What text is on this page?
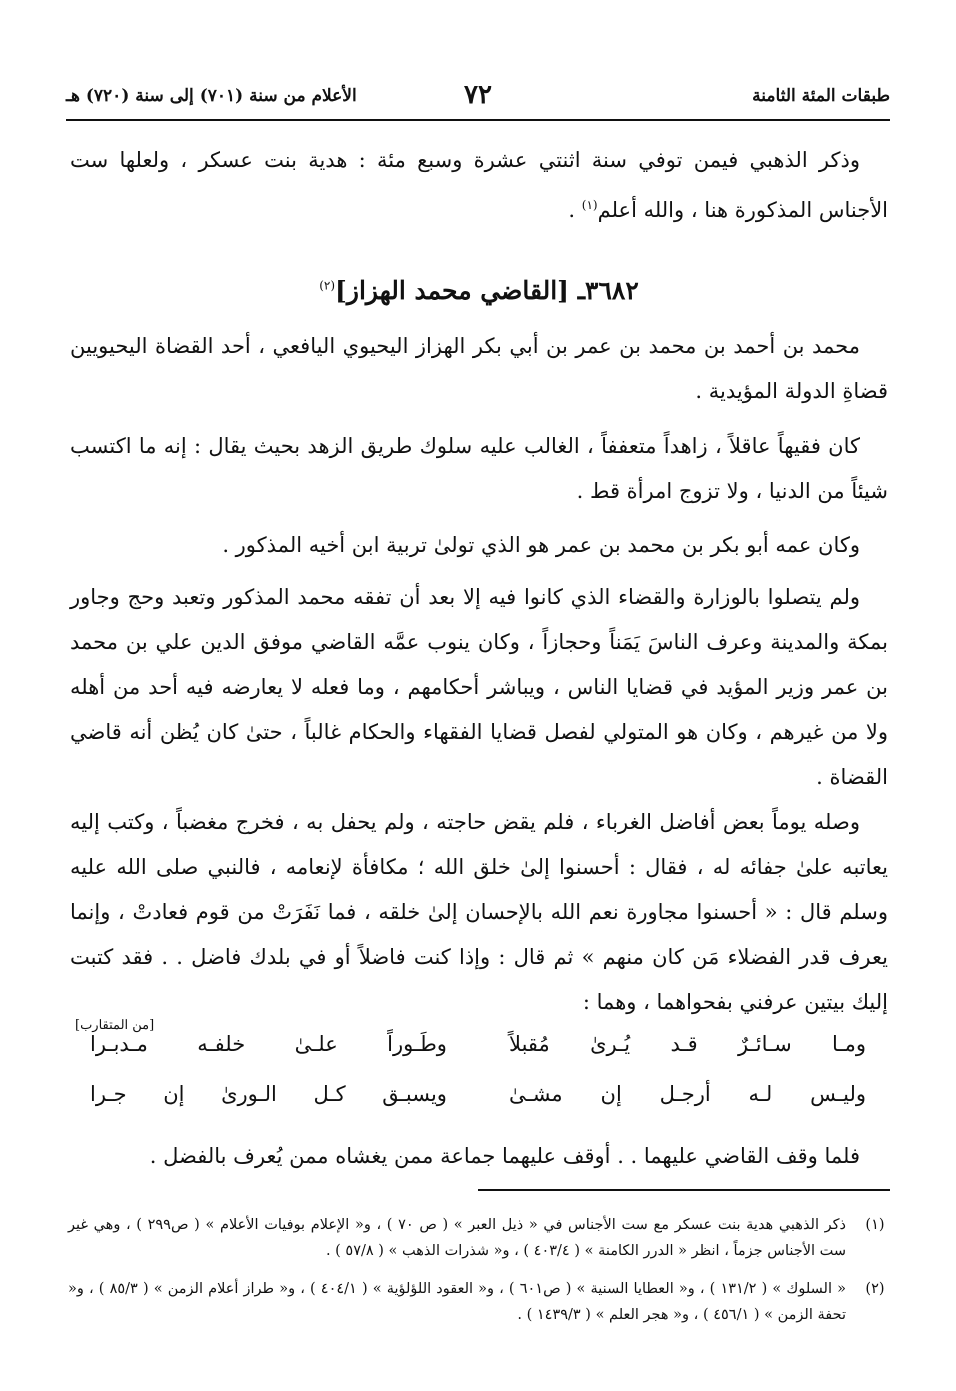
طبقات المئة الثامنة
٧٢
الأعلام من سنة (٧٠١) إلى سنة (٧٢٠) هـ

وذكر الذهبي فيمن توفي سنة اثنتي عشرة وسبع مئة : هدية بنت عسكر ، ولعلها ست الأجناس المذكورة هنا ، والله أعلم$^{(١)}$ .

٣٦٨٢ـ [القاضي محمد الهزاز]$^{(٢)}$

محمد بن أحمد بن محمد بن عمر بن أبي بكر الهزاز اليحيوي اليافعي ، أحد القضاة اليحيويين قضاةِ الدولة المؤيدية .

كان فقيهاً عاقلاً ، زاهداً متعففاً ، الغالب عليه سلوك طريق الزهد بحيث يقال : إنه ما اكتسب شيئاً من الدنيا ، ولا تزوج امرأة قط .

وكان عمه أبو بكر بن محمد بن عمر هو الذي تولىٰ تربية ابن أخيه المذكور .

ولم يتصلوا بالوزارة والقضاء الذي كانوا فيه إلا بعد أن تفقه محمد المذكور وتعبد وحج وجاور بمكة والمدينة وعرف الناسَ يَمَناً وحجازاً ، وكان ينوب عمَّه القاضي موفق الدين علي بن محمد بن عمر وزير المؤيد في قضايا الناس ، ويباشر أحكامهم ، وما فعله لا يعارضه فيه أحد من أهله ولا من غيرهم ، وكان هو المتولي لفصل قضايا الفقهاء والحكام غالباً ، حتىٰ كان يُظن أنه قاضي القضاة .

وصله يوماً بعض أفاضل الغرباء ، فلم يقض حاجته ، ولم يحفل به ، فخرج مغضباً ، وكتب إليه يعاتبه علىٰ جفائه له ، فقال : أحسنوا إلىٰ خلق الله ؛ مكافأة لإنعامه ، فالنبي صلى الله عليه وسلم قال : « أحسنوا مجاورة نعم الله بالإحسان إلىٰ خلقه ، فما نَفَرَتْ من قوم فعادتْ ، وإنما يعرف قدر الفضلاء مَن كان منهم » ثم قال : وإذا كنت فاضلاً أو في بلدك فاضل . . فقد كتبت إليك بيتين عرفني بفحواهما ، وهما :

[من المتقارب]
ومـا سـائـرٌ قـد يُـرىٰ مُقبلاً
وطَـوراً علـىٰ خلفـه مـدبـرا
وليـس لـه أرجـل إن مشـىٰ
ويسبـق كـل الـورىٰ إن جـرا

فلما وقف القاضي عليهما . . أوقف عليهما جماعة ممن يغشاه ممن يُعرف بالفضل .

(١)
ذكر الذهبي هدية بنت عسكر مع ست الأجناس في « ذيل العبر » ( ص ٧٠ ) ، و« الإعلام بوفيات الأعلام » ( ص٢٩٩ ) ، وهي غير ست الأجناس جزماً ، انظر « الدرر الكامنة » ( ٤٠٣/٤ ) ، و« شذرات الذهب » ( ٥٧/٨ ) .
(٢)
« السلوك » ( ١٣١/٢ ) ، و« العطايا السنية » ( ص٦٠١ ) ، و« العقود اللؤلؤية » ( ٤٠٤/١ ) ، و« طراز أعلام الزمن » ( ٨٥/٣ ) ، و« تحفة الزمن » ( ٤٥٦/١ ) ، و« هجر العلم » ( ١٤٣٩/٣ ) .
